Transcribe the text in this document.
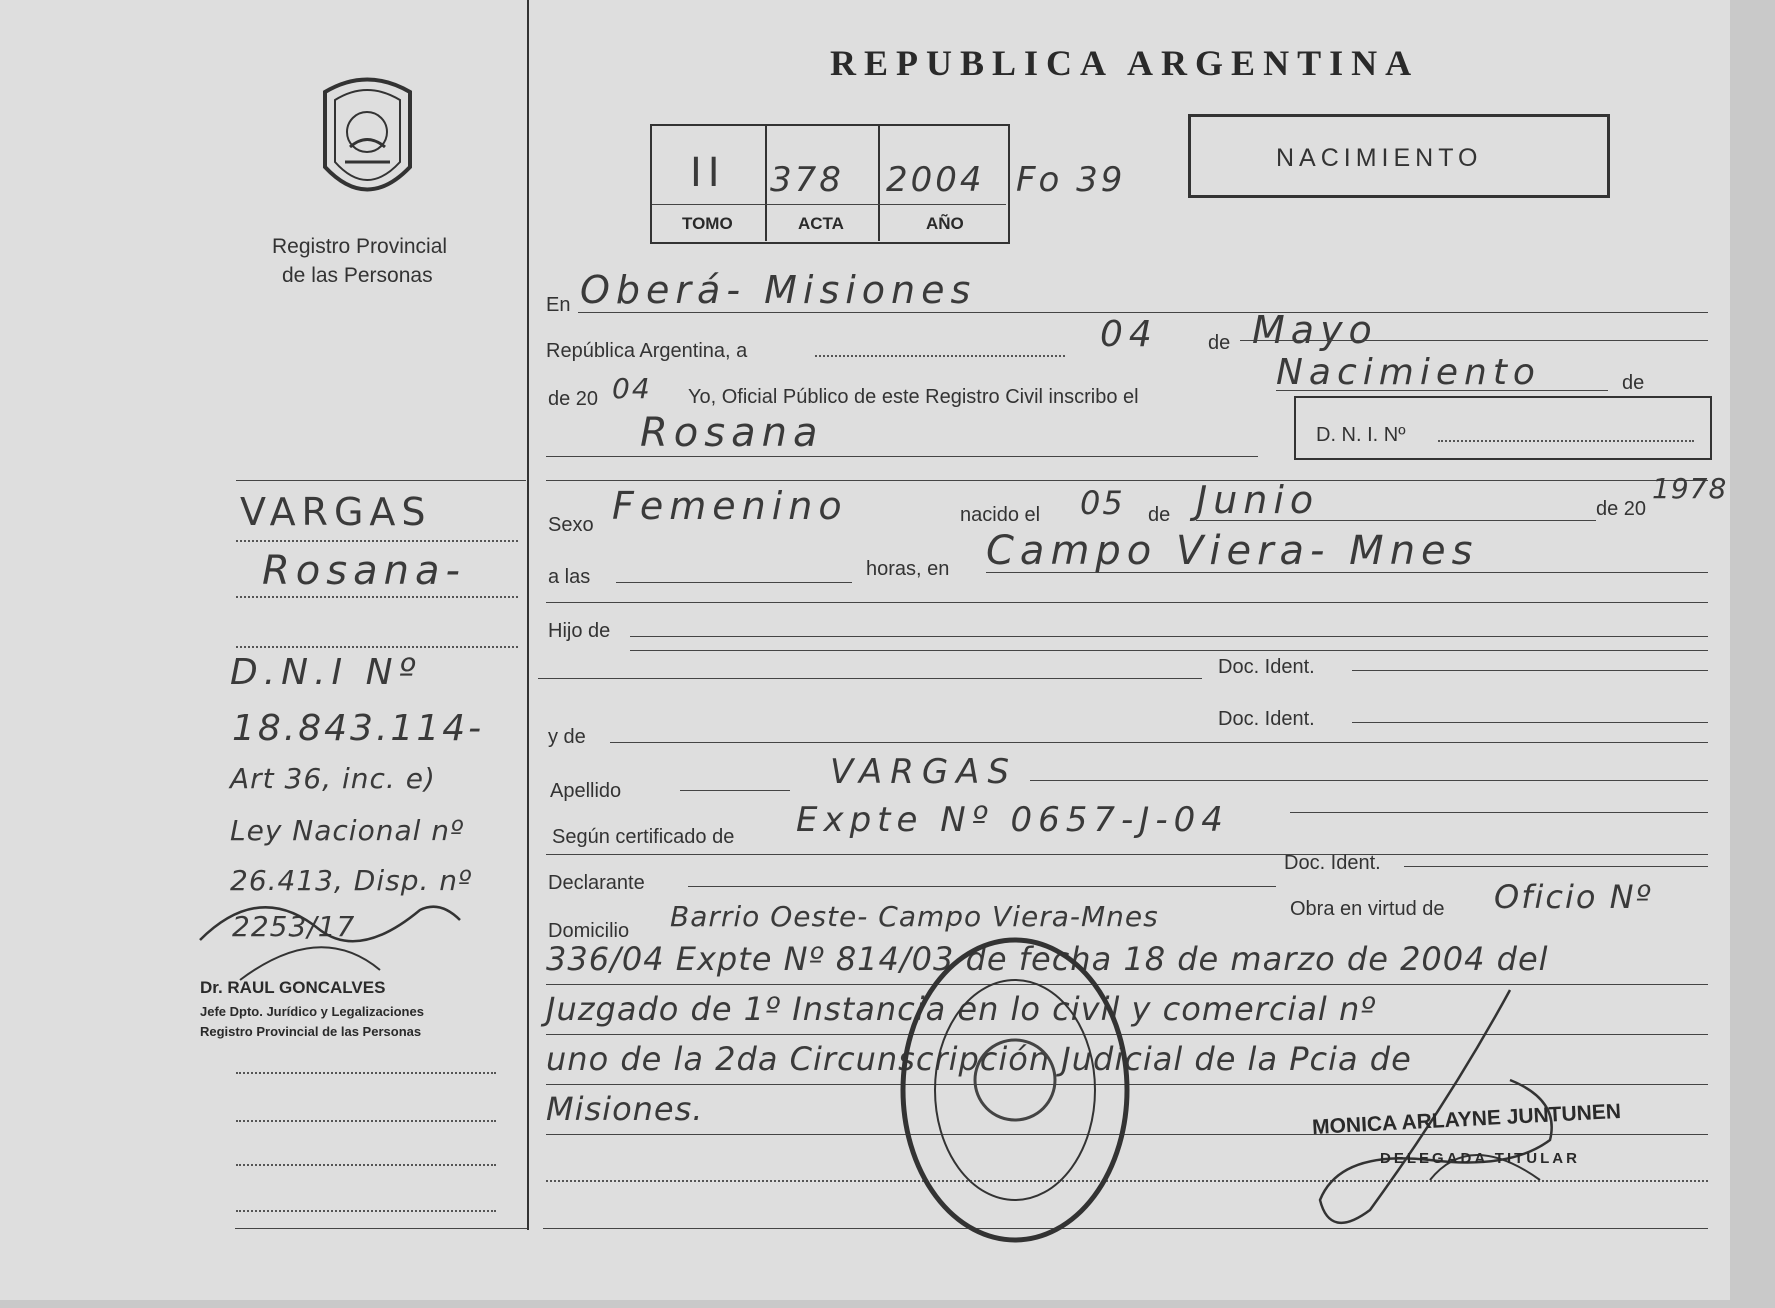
Registro Provincial
de las Personas
REPUBLICA ARGENTINA
II 378 2004 Fo 39
TOMO	ACTA	AÑO
NACIMIENTO
En Oberá- Misiones
República Argentina, a	04	de Mayo
de 20 04 Yo, Oficial Público de este Registro Civil inscribo el
Nacimiento	de
Rosana	D. N. I. Nº
Sexo Femenino	nacido el 05 de Junio	de 20
1978
a las	horas, en Campo Viera- Mnes
Hijo de
Doc. Ident.
Doc. Ident.
y de
Apellido	VARGAS
Según certificado de Expte Nº 0657-J-04
Declarante
Doc. Ident.
Domicilio Barrio Oeste- Campo Viera-Mnes	Obra en virtud de Oficio Nº
336/04 Expte Nº 814/03 de fecha 18 de marzo de 2004 del
Juzgado de 1º Instancia en lo civil y comercial nº
uno de la 2da Circunscripción Judicial de la Pcia de
Misiones.	MONICA ARLAYNE JUNTUNEN
DELEGADA TITULAR
VARGAS
Rosana-
D.N.I Nº
18.843.114-
Art 36, inc. e)
Ley Nacional nº
26.413, Disp. nº
2253/17
Dr. RAUL GONCALVES
Jefe Dpto. Jurídico y Legalizaciones
Registro Provincial de las Personas
